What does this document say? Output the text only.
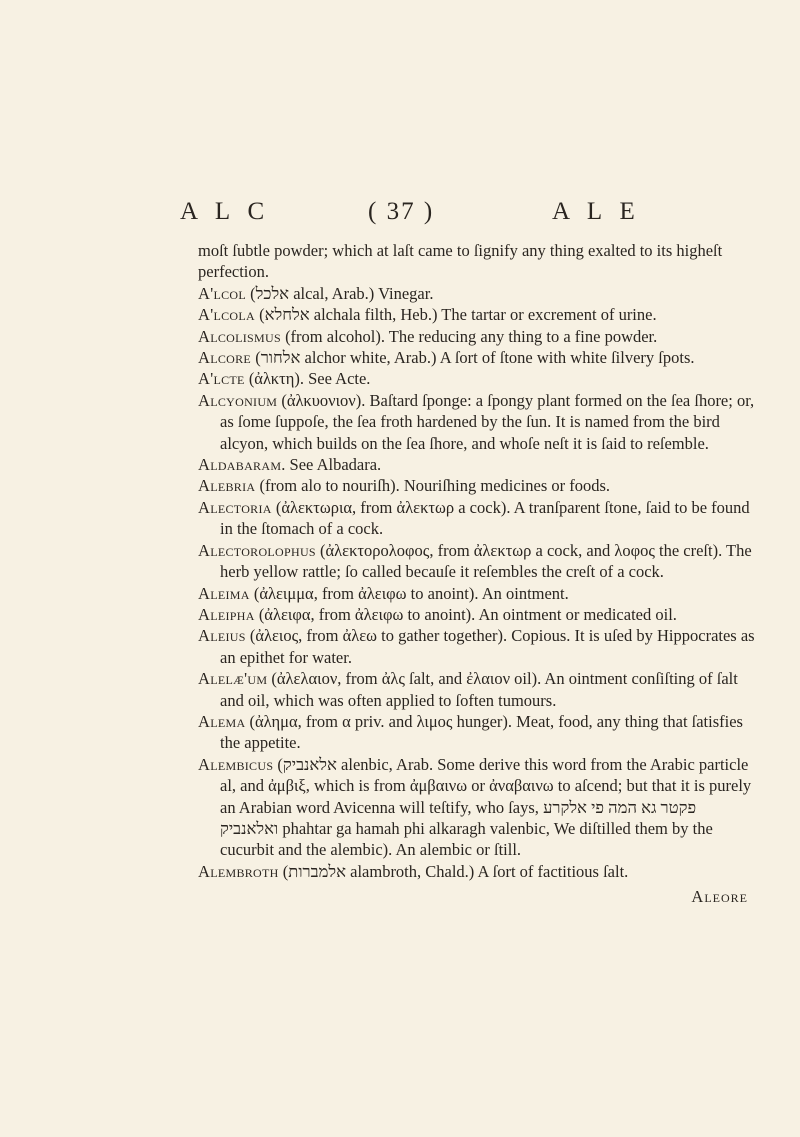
A L C	( 37 )	A L E

moſt ſubtle powder; which at laſt came to ſignify any thing exalted to its higheſt perfection.

A'lcol (אלכל alcal, Arab.) Vinegar.

A'lcola (אלחלא alchala filth, Heb.) The tartar or excrement of urine.

Alcolismus (from alcohol). The reducing any thing to a fine powder.

Alcore (אלחור alchor white, Arab.) A ſort of ſtone with white ſilvery ſpots.

A'lcte (ἀλκτη). See Acte.

Alcyonium (ἀλκυονιον). Baſtard ſponge: a ſpongy plant formed on the ſea ſhore; or, as ſome ſuppoſe, the ſea froth hardened by the ſun. It is named from the bird alcyon, which builds on the ſea ſhore, and whoſe neſt it is ſaid to reſemble.

Aldabaram. See Albadara.

Alebria (from alo to nouriſh). Nouriſhing medicines or foods.

Alectoria (ἀλεκτωρια, from ἀλεκτωρ a cock). A tranſparent ſtone, ſaid to be found in the ſtomach of a cock.

Alectorolophus (ἀλεκτορολοφος, from ἀλεκτωρ a cock, and λοφος the creſt). The herb yellow rattle; ſo called becauſe it reſembles the creſt of a cock.

Aleima (ἀλειμμα, from ἀλειφω to anoint). An ointment.

Aleipha (ἀλειφα, from ἀλειφω to anoint). An ointment or medicated oil.

Aleius (ἀλειος, from ἀλεω to gather together). Copious. It is uſed by Hippocrates as an epithet for water.

Alelæ'um (ἀλελαιον, from ἀλς ſalt, and ἐλαιον oil). An ointment conſiſting of ſalt and oil, which was often applied to ſoften tumours.

Alema (ἀλημα, from α priv. and λιμος hunger). Meat, food, any thing that ſatisfies the appetite.

Alembicus (אלאנביק alenbic, Arab. Some derive this word from the Arabic particle al, and ἀμβιξ, which is from ἀμβαινω or ἀναβαινω to aſcend; but that it is purely an Arabian word Avicenna will teſtify, who ſays, פקטר גא המה פי אלקרע ואלאנביק phahtar ga hamah phi alkaragh valenbic, We diſtilled them by the cucurbit and the alembic). An alembic or ſtill.

Alembroth (אלמברות alambroth, Chald.) A ſort of factitious ſalt.

Aleore
